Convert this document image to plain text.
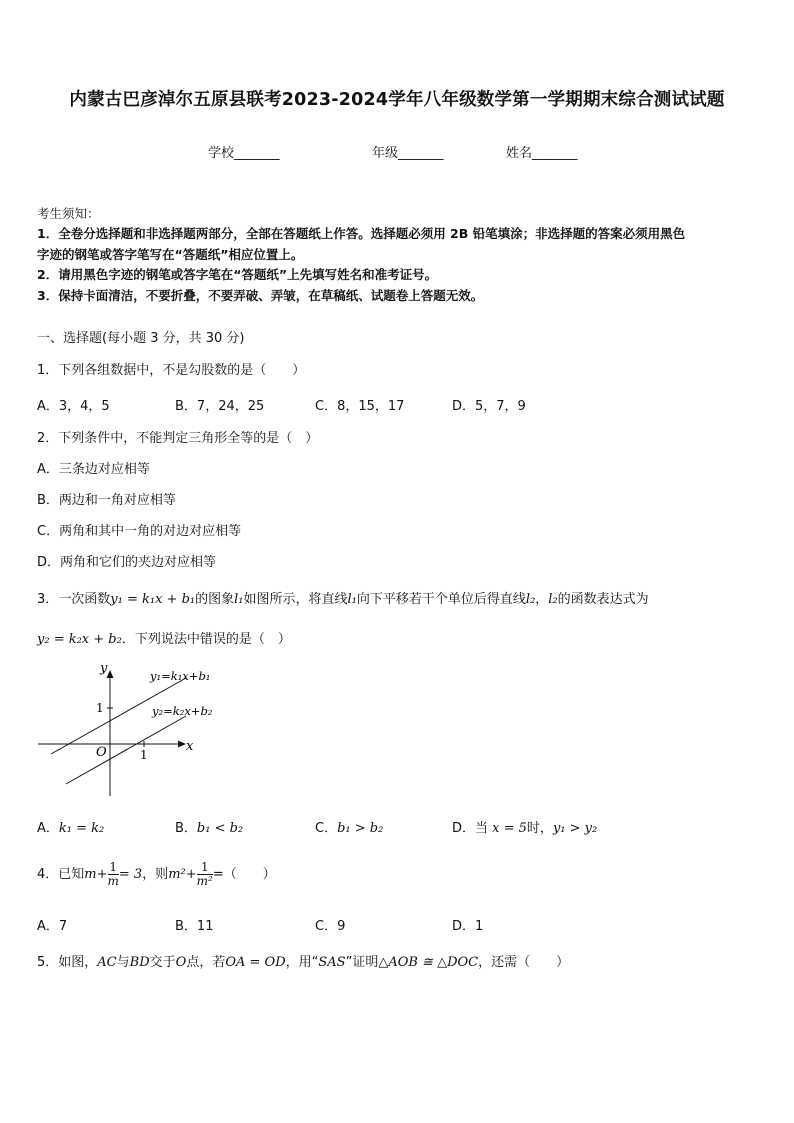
内蒙古巴彦淖尔五原县联考2023-2024学年八年级数学第一学期期末综合测试试题
学校_______	年级_______	姓名_______
考生须知：
1．全卷分选择题和非选择题两部分，全部在答题纸上作答。选择题必须用 2B 铅笔填涂；非选择题的答案必须用黑色
字迹的钢笔或答字笔写在“答题纸”相应位置上。
2．请用黑色字迹的钢笔或答字笔在“答题纸”上先填写姓名和准考证号。
3．保持卡面清洁，不要折叠，不要弄破、弄皱，在草稿纸、试题卷上答题无效。
一、选择题(每小题 3 分，共 30 分)
1．下列各组数据中，不是勾股数的是（　　）
A．3，4，5	B．7，24，25	C．8，15，17	D．5，7，9
2．下列条件中，不能判定三角形全等的是（　）
A．三条边对应相等
B．两边和一角对应相等
C．两角和其中一角的对边对应相等
D．两角和它们的夹边对应相等
3．一次函数y₁ = k₁x + b₁的图象l₁如图所示，将直线l₁向下平移若干个单位后得直线l₂，l₂的函数表达式为
y₂ = k₂x + b₂．下列说法中错误的是（　）
y
x
O	1
1
y₁=k₁x+b₁
y₂=k₂x+b₂
A．k₁ = k₂	B．b₁ < b₂	C．b₁ > b₂	D．当 x = 5时，y₁ > y₂
4．已知$m+ \frac{1}{m} = 3$，则$m^2+ \frac{1}{\text{m²}}$ =（　　）
A．7	B．11	C．9	D．1
5．如图，AC与BD交于O点，若OA = OD，用“SAS”证明△AOB ≅ △DOC，还需（　　）
